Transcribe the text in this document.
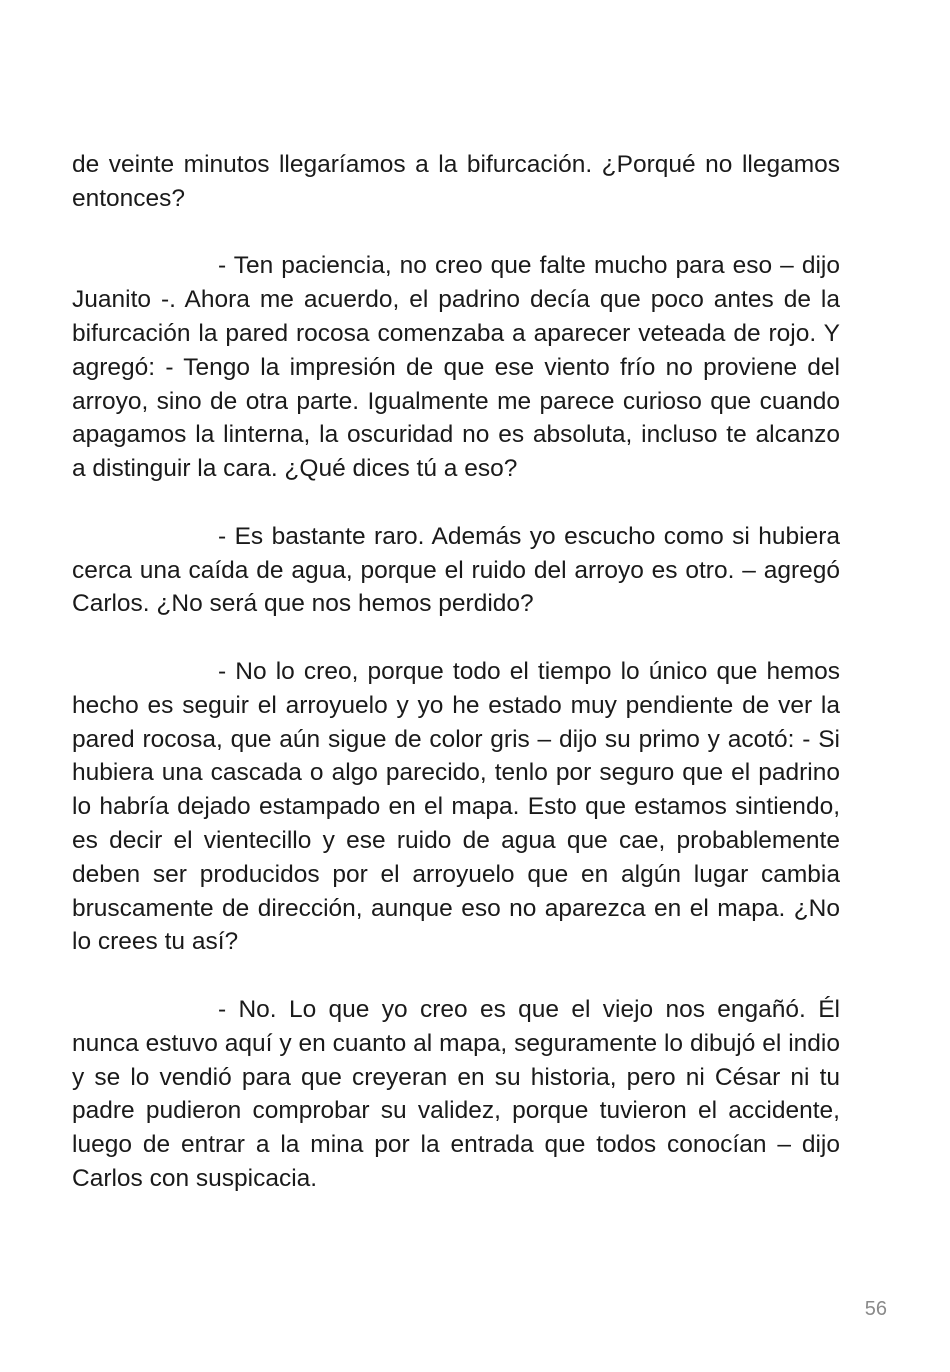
de veinte minutos llegaríamos a la bifurcación. ¿Porqué no llegamos entonces?

- Ten paciencia, no creo que falte mucho para eso – dijo Juanito -. Ahora me acuerdo, el padrino decía que poco antes de la bifurcación la pared rocosa comenzaba a aparecer veteada de rojo. Y agregó: - Tengo la impresión de que ese viento frío no proviene del arroyo, sino de otra parte. Igualmente me parece curioso que cuando apagamos la linterna, la oscuridad no es absoluta, incluso te alcanzo a distinguir la cara. ¿Qué dices tú a eso?

- Es bastante raro. Además yo escucho como si hubiera cerca una caída de agua, porque el ruido del arroyo es otro. – agregó Carlos. ¿No será que nos hemos perdido?

- No lo creo, porque todo el tiempo lo único que hemos hecho es seguir el arroyuelo y yo he estado muy pendiente de ver la pared rocosa, que aún sigue de color gris – dijo su primo y acotó: - Si hubiera una cascada o algo parecido, tenlo por seguro que el padrino lo habría dejado estampado en el mapa. Esto que estamos sintiendo, es decir el vientecillo y ese ruido de agua que cae, probablemente deben ser producidos por el arroyuelo que en algún lugar cambia bruscamente de dirección, aunque eso no aparezca en el mapa. ¿No lo crees tu así?

- No. Lo que yo creo es que el viejo nos engañó. Él nunca estuvo aquí y en cuanto al mapa, seguramente lo dibujó el indio y se lo vendió para que creyeran en su historia, pero ni César ni tu padre pudieron comprobar su validez, porque tuvieron el accidente, luego de entrar a la mina por la entrada que todos conocían – dijo Carlos con suspicacia.

56
